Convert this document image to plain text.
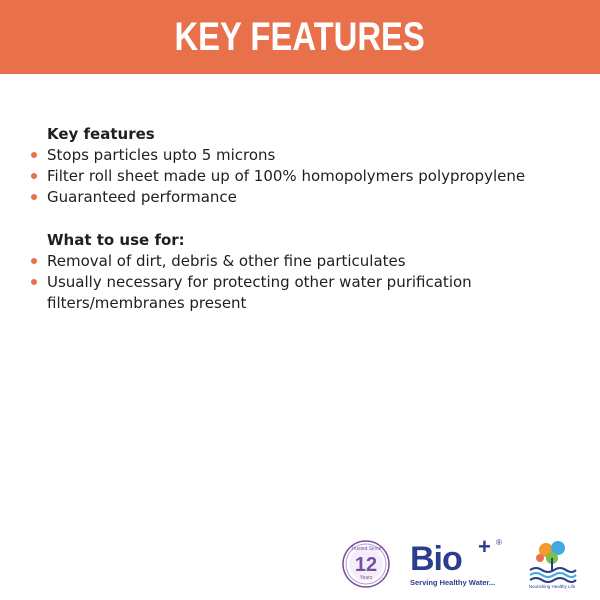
KEY FEATURES
Key features
Stops particles upto 5 microns
Filter roll sheet made up of 100% homopolymers polypropylene
Guaranteed performance
What to use for:
Removal of dirt, debris & other fine particulates
Usually necessary for protecting other water purification filters/membranes present
Trusted Since
12
Years	Bio + ®
Serving Healthy Water...	Nourishing Healthy Life
